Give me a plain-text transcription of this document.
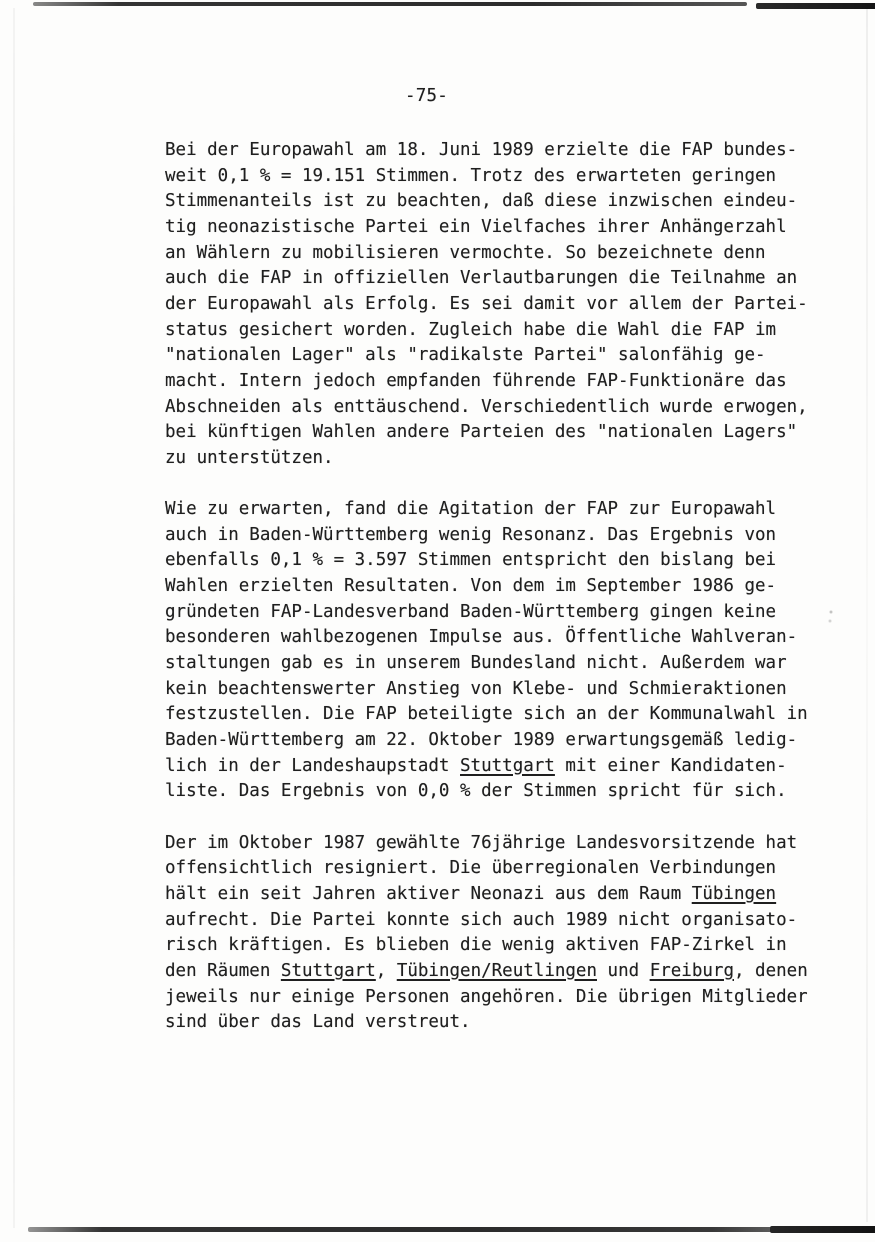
-75-
Bei der Europawahl am 18. Juni 1989 erzielte die FAP bundes-
weit 0,1 % = 19.151 Stimmen. Trotz des erwarteten geringen
Stimmenanteils ist zu beachten, daß diese inzwischen eindeu-
tig neonazistische Partei ein Vielfaches ihrer Anhängerzahl
an Wählern zu mobilisieren vermochte. So bezeichnete denn
auch die FAP in offiziellen Verlautbarungen die Teilnahme an
der Europawahl als Erfolg. Es sei damit vor allem der Partei-
status gesichert worden. Zugleich habe die Wahl die FAP im
"nationalen Lager" als "radikalste Partei" salonfähig ge-
macht. Intern jedoch empfanden führende FAP-Funktionäre das
Abschneiden als enttäuschend. Verschiedentlich wurde erwogen,
bei künftigen Wahlen andere Parteien des "nationalen Lagers"
zu unterstützen.
Wie zu erwarten, fand die Agitation der FAP zur Europawahl
auch in Baden-Württemberg wenig Resonanz. Das Ergebnis von
ebenfalls 0,1 % = 3.597 Stimmen entspricht den bislang bei
Wahlen erzielten Resultaten. Von dem im September 1986 ge-
gründeten FAP-Landesverband Baden-Württemberg gingen keine
besonderen wahlbezogenen Impulse aus. Öffentliche Wahlveran-
staltungen gab es in unserem Bundesland nicht. Außerdem war
kein beachtenswerter Anstieg von Klebe- und Schmieraktionen
festzustellen. Die FAP beteiligte sich an der Kommunalwahl in
Baden-Württemberg am 22. Oktober 1989 erwartungsgemäß ledig-
lich in der Landeshaupstadt Stuttgart mit einer Kandidaten-
liste. Das Ergebnis von 0,0 % der Stimmen spricht für sich.
Der im Oktober 1987 gewählte 76jährige Landesvorsitzende hat
offensichtlich resigniert. Die überregionalen Verbindungen
hält ein seit Jahren aktiver Neonazi aus dem Raum Tübingen
aufrecht. Die Partei konnte sich auch 1989 nicht organisato-
risch kräftigen. Es blieben die wenig aktiven FAP-Zirkel in
den Räumen Stuttgart, Tübingen/Reutlingen und Freiburg, denen
jeweils nur einige Personen angehören. Die übrigen Mitglieder
sind über das Land verstreut.
